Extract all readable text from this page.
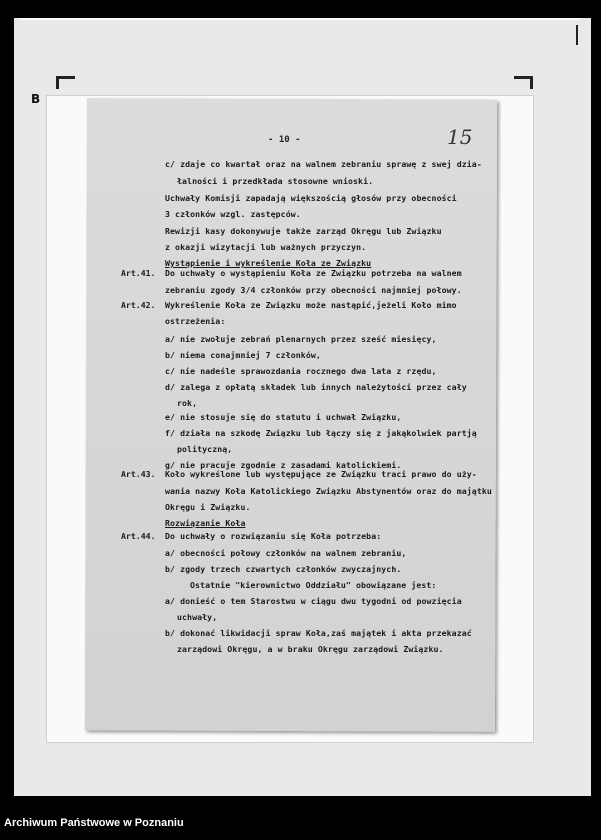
B
- 10 -	15
c/ zdaje co kwartał oraz na walnem zebraniu sprawę z swej dzia-
łalności i przedkłada stosowne wnioski.
Uchwały Komisji zapadają większością głosów przy obecności
3 członków wzgl. zastępców.
Rewizji kasy dokonywuje także zarząd Okręgu lub Związku
z okazji wizytacji lub ważnych przyczyn.
Wystąpienie i wykreślenie Koła ze Związku
Art.41. Do uchwały o wystąpieniu Koła ze Związku potrzeba na walnem
zebraniu zgody 3/4 członków przy obecności najmniej połowy.
Art.42. Wykreślenie Koła ze Związku może nastąpić,jeżeli Koło mimo
ostrzeżenia:
a/ nie zwołuje zebrań plenarnych przez sześć miesięcy,
b/ niema conajmniej 7 członków,
c/ nie nadeśle sprawozdania rocznego dwa lata z rzędu,
d/ zalega z opłatą składek lub innych należytości przez cały
rok,
e/ nie stosuje się do statutu i uchwał Związku,
f/ działa na szkodę Związku lub łączy się z jakąkolwiek partją
polityczną,
g/ nie pracuje zgodnie z zasadami katolickiemi.
Art.43. Koło wykreślone lub występujące ze Związku traci prawo do uży-
wania nazwy Koła Katolickiego Związku Abstynentów oraz do majątku
Okręgu i Związku.
Rozwiązanie Koła
Art.44. Do uchwały o rozwiązaniu się Koła potrzeba:
a/ obecności połowy członków na walnem zebraniu,
b/ zgody trzech czwartych członków zwyczajnych.
Ostatnie "kierownictwo Oddziału" obowiązane jest:
a/ donieść o tem Starostwu w ciągu dwu tygodni od powzięcia
uchwały,
b/ dokonać likwidacji spraw Koła,zaś majątek i akta przekazać
zarządowi Okręgu, a w braku Okręgu zarządowi Związku.
Archiwum Państwowe w Poznaniu
